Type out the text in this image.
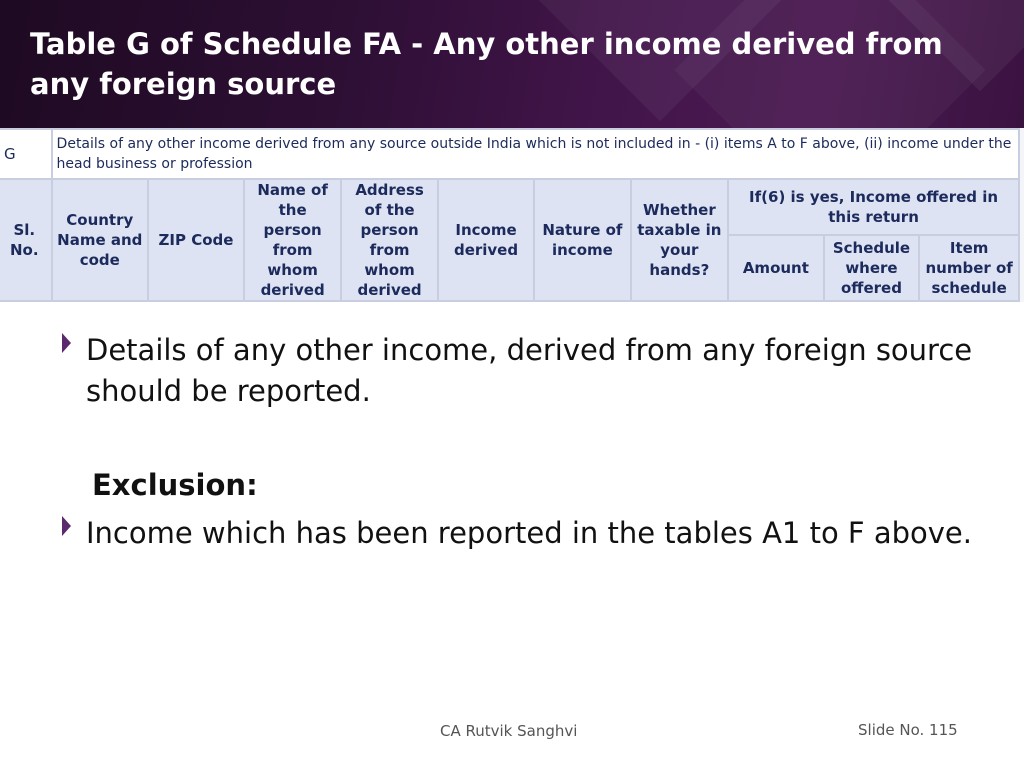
Table G of Schedule FA - Any other income derived from any foreign source
G	Details of any other income derived from any source outside India which is not included in - (i) items A to F above, (ii) income under the head business or profession									
Sl. No.	Country Name and code	ZIP Code	Name of the person from whom derived	Address of the person from whom derived	Income derived	Nature of income	Whether taxable in your hands?	If(6) is yes, Income offered in this return		
								Amount	Schedule where offered	Item number of schedule

Details of any other income, derived from any foreign source should be reported.
Exclusion:
Income which has been reported in the tables A1 to F above.
CA Rutvik Sanghvi	Slide No. 115
